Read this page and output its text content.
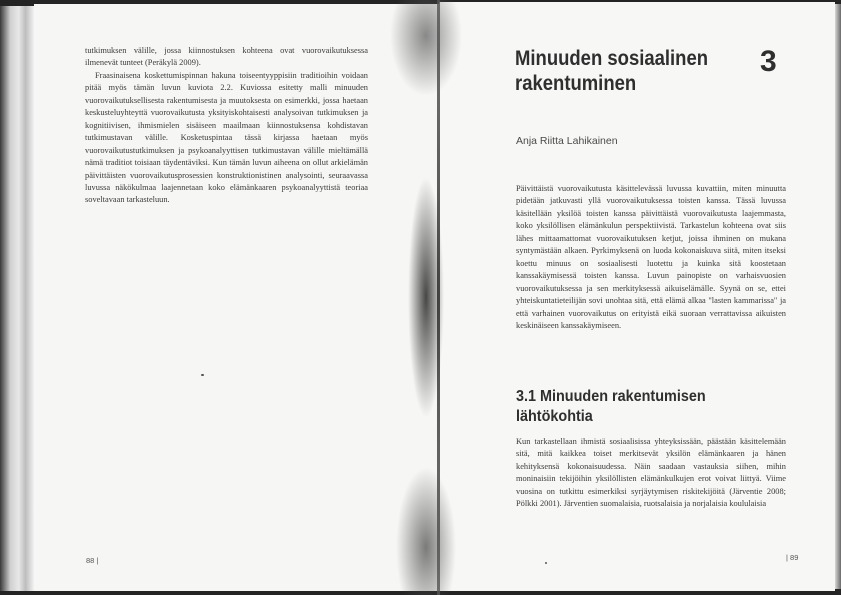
tutkimuksen välille, jossa kiinnostuksen kohteena ovat vuorovaikutuksessa ilmenevät tunteet (Peräkylä 2009).

Fraasinaisena koskettumispinnan hakuna toiseentyyppisiin traditioihin voidaan pitää myös tämän luvun kuviota 2.2. Kuviossa esitetty malli minuuden vuorovaikutuksellisesta rakentumisesta ja muutoksesta on esimerkki, jossa haetaan keskusteluyhteyttä vuorovaikutusta yksityiskohtaisesti analysoivan tutkimuksen ja kognitiivisen, ihmismielen sisäiseen maailmaan kiinnostuksensa kohdistavan tutkimustavan välille. Kosketuspintaa tässä kirjassa haetaan myös vuorovaikutustutkimuksen ja psykoanalyyttisen tutkimustavan välille mieltämällä nämä traditiot toisiaan täydentäviksi. Kun tämän luvun aiheena on ollut arkielämän päivittäisten vuorovaikutusprosessien konstruktionistinen analysointi, seuraavassa luvussa näkökulmaa laajennetaan koko elämänkaaren psykoanalyyttistä teoriaa soveltavaan tarkasteluun.

88 |
Minuuden sosiaalinen
rakentuminen
3
Anja Riitta Lahikainen

Päivittäistä vuorovaikutusta käsittelevässä luvussa kuvattiin, miten minuutta pidetään jatkuvasti yllä vuorovaikutuksessa toisten kanssa. Tässä luvussa käsitellään yksilöä toisten kanssa päivittäistä vuorovaikutusta laajemmasta, koko yksilöllisen elämänkulun perspektiivistä. Tarkastelun kohteena ovat siis lähes mittaamattomat vuorovaikutuksen ketjut, joissa ihminen on mukana syntymästään alkaen. Pyrkimyksenä on luoda kokonaiskuva siitä, miten itseksi koettu minuus on sosiaalisesti luotettu ja kuinka sitä koostetaan kanssakäymisessä toisten kanssa. Luvun painopiste on varhaisvuosien vuorovaikutuksessa ja sen merkityksessä aikuiselämälle. Syynä on se, ettei yhteiskuntatieteilijän sovi unohtaa sitä, että elämä alkaa "lasten kammarissa" ja että varhainen vuorovaikutus on erityistä eikä suoraan verrattavissa aikuisten keskinäiseen kanssakäymiseen.

3.1 Minuuden rakentumisen
lähtökohtia

Kun tarkastellaan ihmistä sosiaalisissa yhteyksissään, päästään käsittelemään sitä, mitä kaikkea toiset merkitsevät yksilön elämänkaaren ja hänen kehityksensä kokonaisuudessa. Näin saadaan vastauksia siihen, mihin moninaisiin tekijöihin yksilöllisten elämänkulkujen erot voivat liittyä. Viime vuosina on tutkittu esimerkiksi syrjäytymisen riskitekijöitä (Järventie 2008; Pölkki 2001). Järventien suomalaisia, ruotsalaisia ja norjalaisia koululaisia

| 89
